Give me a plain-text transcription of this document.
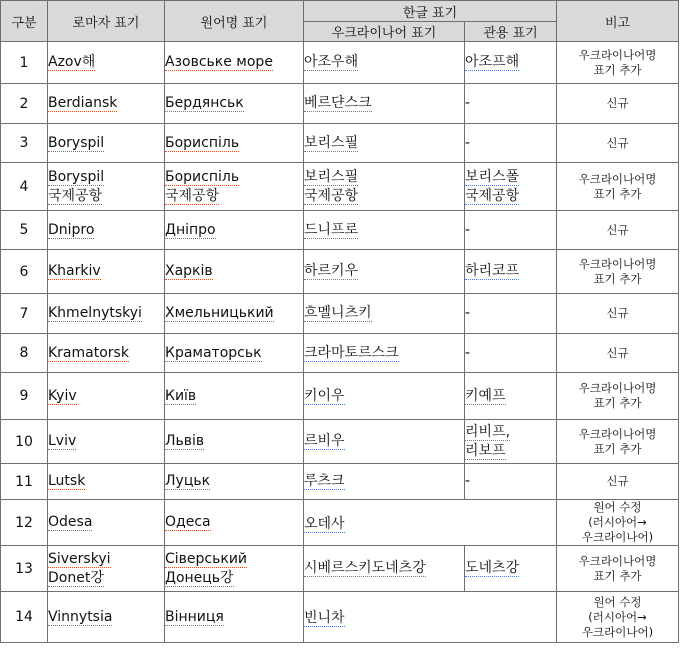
구분	로마자 표기	원어명 표기	한글 표기		비고
			우크라이나어 표기	관용 표기	
1	Azov해	Азовське море	아조우해	아조프해	우크라이나어명
표기 추가

2	Berdiansk	Бердянськ	베르댠스크	-	신규

3	Boryspil	Бориспіль	보리스필	-	신규

4	Boryspil
국제공항	Бориспіль
국제공항	보리스필
국제공항	보리스폴
국제공항	우크라이나어명
표기 추가

5	Dnipro	Дніпро	드니프로	-	신규

6	Kharkiv	Харків	하르키우	하리코프	우크라이나어명
표기 추가

7	Khmelnytskyi	Хмельницький	흐멜니츠키	-	신규

8	Kramatorsk	Краматорськ	크라마토르스크	-	신규

9	Kyiv	Київ	키이우	키예프	우크라이나어명
표기 추가

10	Lviv	Львів	르비우	리비프,
리보프	우크라이나어명
표기 추가

11	Lutsk	Луцьк	루츠크	-	신규

12	Odesa	Одеса	오데사		원어 수정
(러시아어→
우크라이나어)

13	Siverskyi
Donet강	Сіверський
Донець강	시베르스키도네츠강	도네츠강	우크라이나어명
표기 추가

14	Vinnytsia	Вінниця	빈니차		원어 수정
(러시아어→
우크라이나어)
